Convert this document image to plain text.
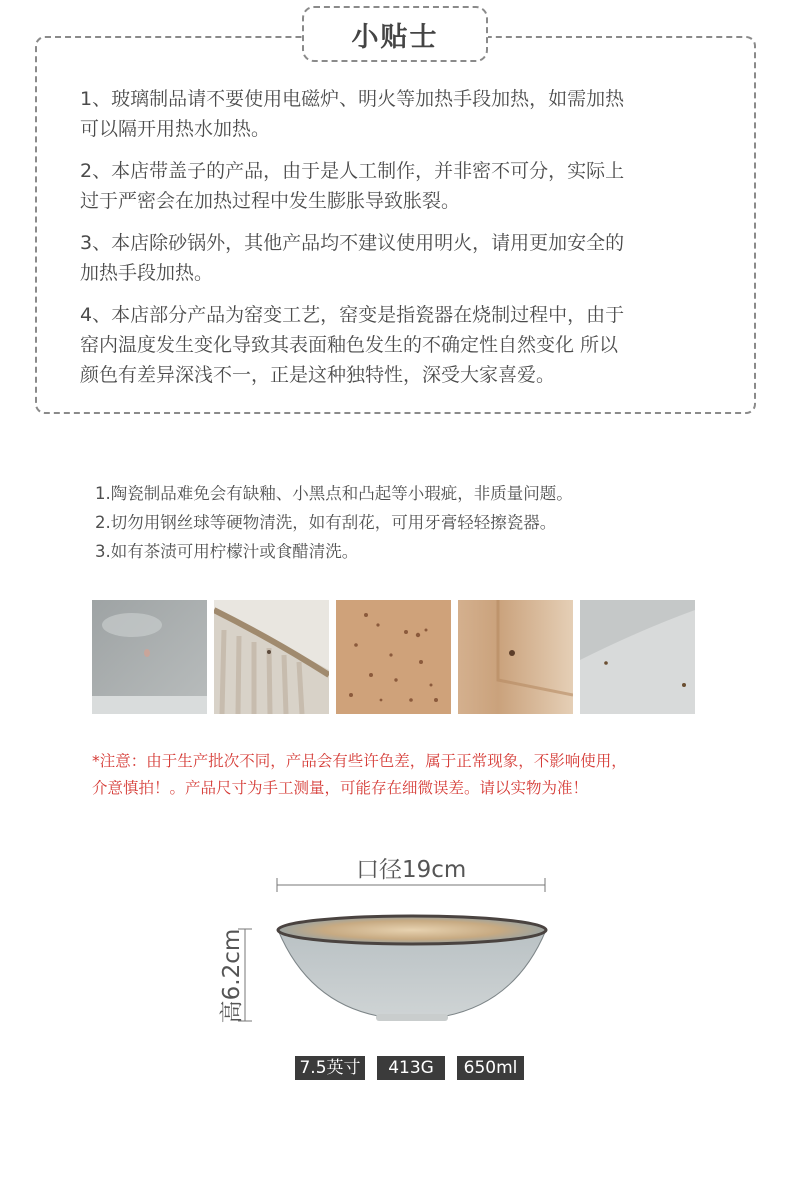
小贴士
1、玻璃制品请不要使用电磁炉、明火等加热手段加热，如需加热
可以隔开用热水加热。
2、本店带盖子的产品，由于是人工制作，并非密不可分，实际上
过于严密会在加热过程中发生膨胀导致胀裂。
3、本店除砂锅外，其他产品均不建议使用明火，请用更加安全的
加热手段加热。
4、本店部分产品为窑变工艺，窑变是指瓷器在烧制过程中，由于
窑内温度发生变化导致其表面釉色发生的不确定性自然变化 所以
颜色有差异深浅不一，正是这种独特性，深受大家喜爱。
1.陶瓷制品难免会有缺釉、小黑点和凸起等小瑕疵，非质量问题。
2.切勿用钢丝球等硬物清洗，如有刮花，可用牙膏轻轻擦瓷器。
3.如有茶渍可用柠檬汁或食醋清洗。
*注意：由于生产批次不同，产品会有些许色差，属于正常现象，不影响使用，
介意慎拍！。产品尺寸为手工测量，可能存在细微误差。请以实物为准！
口径19cm
高6.2cm
7.5英寸	413G	650ml
